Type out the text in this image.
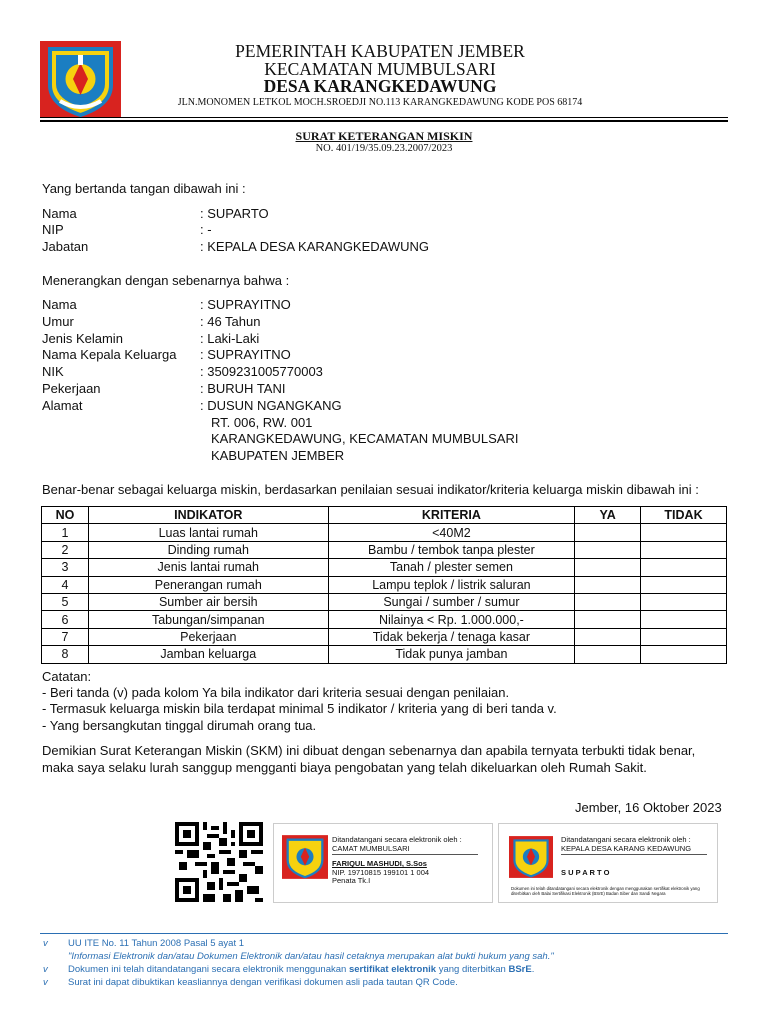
PEMERINTAH KABUPATEN JEMBER
KECAMATAN MUMBULSARI
DESA KARANGKEDAWUNG
JLN.MONOMEN LETKOL MOCH.SROEDJI NO.113 KARANGKEDAWUNG KODE POS 68174
SURAT KETERANGAN MISKIN
NO. 401/19/35.09.23.2007/2023
Yang bertanda tangan dibawah ini :
Nama	: SUPARTO
NIP	: -
Jabatan	: KEPALA DESA KARANGKEDAWUNG
Menerangkan dengan sebenarnya bahwa :
Nama	: SUPRAYITNO
Umur	: 46 Tahun
Jenis Kelamin	: Laki-Laki
Nama Kepala Keluarga : SUPRAYITNO
NIK	: 3509231005770003
Pekerjaan	: BURUH TANI
Alamat	: DUSUN NGANGKANG
RT. 006, RW. 001
KARANGKEDAWUNG, KECAMATAN MUMBULSARI
KABUPATEN JEMBER
Benar-benar sebagai keluarga miskin, berdasarkan penilaian sesuai indikator/kriteria keluarga miskin dibawah ini :
NO	INDIKATOR	KRITERIA	YA	TIDAK
1	Luas lantai rumah	<40M2		
2	Dinding rumah	Bambu / tembok tanpa plester		
3	Jenis lantai rumah	Tanah / plester semen		
4	Penerangan rumah	Lampu teplok / listrik saluran		
5	Sumber air bersih	Sungai / sumber / sumur		
6	Tabungan/simpanan	Nilainya < Rp. 1.000.000,-		
7	Pekerjaan	Tidak bekerja / tenaga kasar		
8	Jamban keluarga	Tidak punya jamban		
Catatan:
- Beri tanda (v) pada kolom Ya bila indikator dari kriteria sesuai dengan penilaian.
- Termasuk keluarga miskin bila terdapat minimal 5 indikator / kriteria yang di beri tanda v.
- Yang bersangkutan tinggal dirumah orang tua.
Demikian Surat Keterangan Miskin (SKM) ini dibuat dengan sebenarnya dan apabila ternyata terbukti tidak benar,
maka saya selaku lurah sanggup mengganti biaya pengobatan yang telah dikeluarkan oleh Rumah Sakit.
Jember, 16 Oktober 2023
Ditandatangani secara elektronik oleh :
CAMAT MUMBULSARI
FARIQUL MASHUDI, S.Sos
NIP. 19710815 199101 1 004
Penata Tk.I
Ditandatangani secara elektronik oleh :
KEPALA DESA KARANG KEDAWUNG
S U P A R T O
Dokumen ini telah ditandatangani secara elektronik dengan menggunakan sertifikat elektronik yang diterbitkan oleh Balai Sertifikasi Elektronik (BSrE) Badan Siber dan Sandi Negara
v UU ITE No. 11 Tahun 2008 Pasal 5 ayat 1
"Informasi Elektronik dan/atau Dokumen Elektronik dan/atau hasil cetaknya merupakan alat bukti hukum yang sah."
v Dokumen ini telah ditandatangani secara elektronik menggunakan sertifikat elektronik yang diterbitkan BSrE.
v Surat ini dapat dibuktikan keasliannya dengan verifikasi dokumen asli pada tautan QR Code.
